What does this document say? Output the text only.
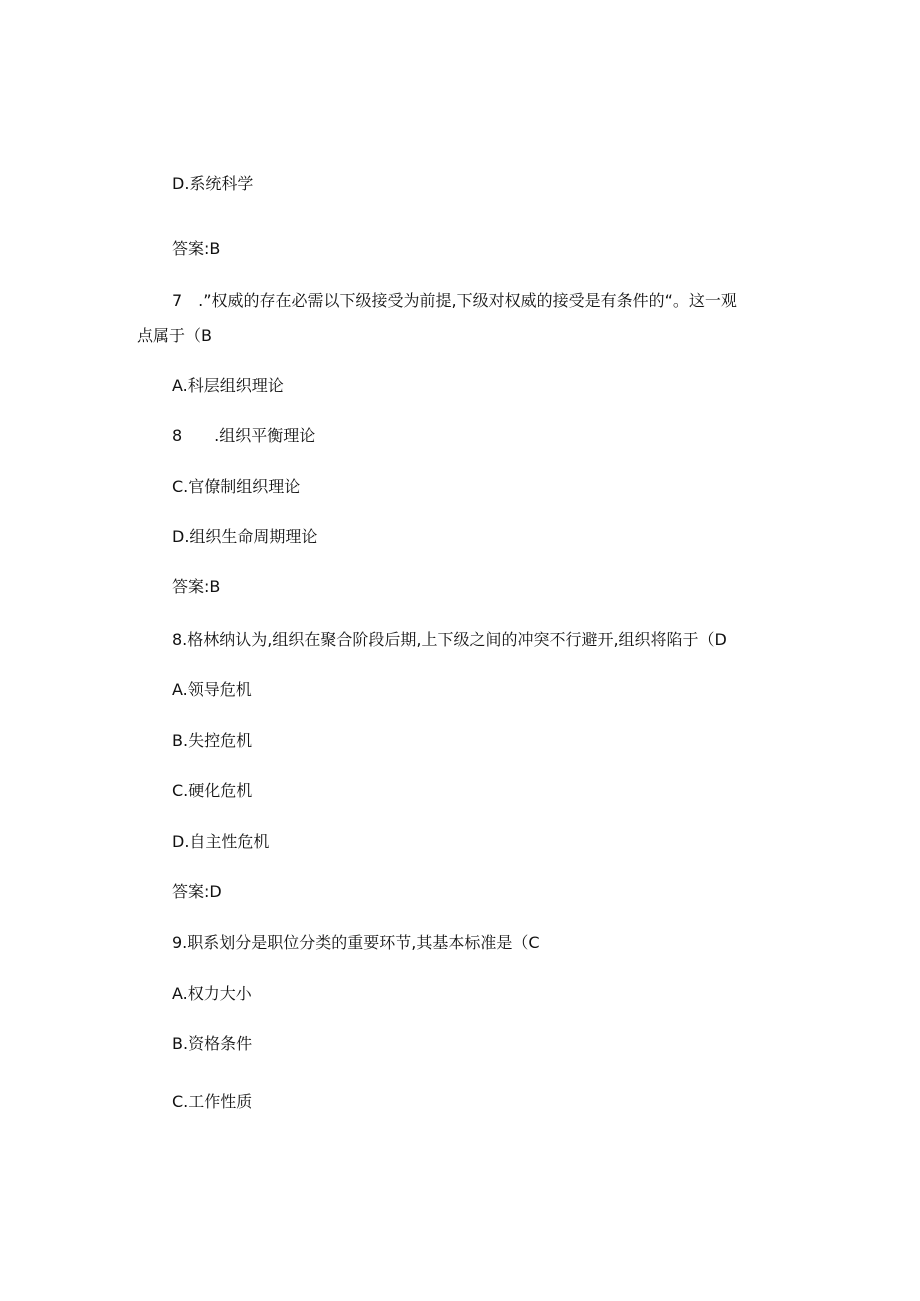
D.系统科学
答案:B
7　.”权威的存在必需以下级接受为前提,下级对权威的接受是有条件的“。这一观
点属于（B
A.科层组织理论
8　　.组织平衡理论
C.官僚制组织理论
D.组织生命周期理论
答案:B
8.格林纳认为,组织在聚合阶段后期,上下级之间的冲突不行避开,组织将陷于（D
A.领导危机
B.失控危机
C.硬化危机
D.自主性危机
答案:D
9.职系划分是职位分类的重要环节,其基本标准是（C
A.权力大小
B.资格条件
C.工作性质
